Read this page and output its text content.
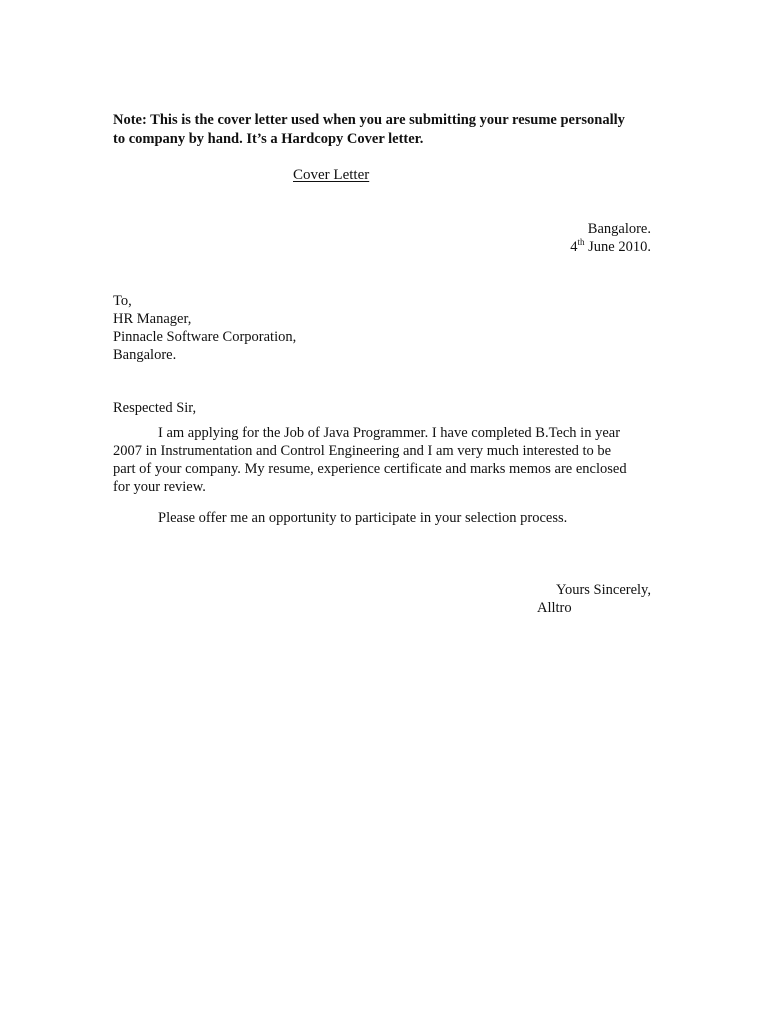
Note: This is the cover letter used when you are submitting your resume personally
to company by hand. It’s a Hardcopy Cover letter.
Cover Letter
Bangalore.
4th June 2010.
To,
HR Manager,
Pinnacle Software Corporation,
Bangalore.
Respected Sir,
I am applying for the Job of Java Programmer. I have completed B.Tech in year
2007 in Instrumentation and Control Engineering and I am very much interested to be
part of your company. My resume, experience certificate and marks memos are enclosed
for your review.
Please offer me an opportunity to participate in your selection process.
Yours Sincerely,
Alltro
